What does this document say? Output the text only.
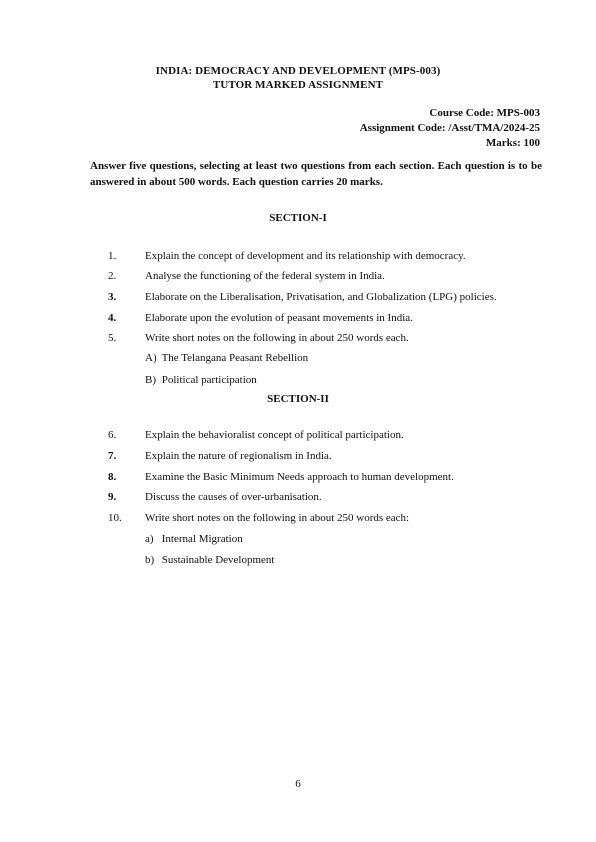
INDIA: DEMOCRACY AND DEVELOPMENT (MPS-003)
TUTOR MARKED ASSIGNMENT
Course Code: MPS-003
Assignment Code: /Asst/TMA/2024-25
Marks: 100
Answer five questions, selecting at least two questions from each section. Each question is to be answered in about 500 words. Each question carries 20 marks.
SECTION-I
1.	Explain the concept of development and its relationship with democracy.
2.	Analyse the functioning of the federal system in India.
3.	Elaborate on the Liberalisation, Privatisation, and Globalization (LPG) policies.
4.	Elaborate upon the evolution of peasant movements in India.
5.	Write short notes on the following in about 250 words each.
A) The Telangana Peasant Rebellion
B) Political participation
SECTION-II
6.	Explain the behavioralist concept of political participation.
7.	Explain the nature of regionalism in India.
8.	Examine the Basic Minimum Needs approach to human development.
9.	Discuss the causes of over-urbanisation.
10.	Write short notes on the following in about 250 words each:
a) Internal Migration
b) Sustainable Development
6
